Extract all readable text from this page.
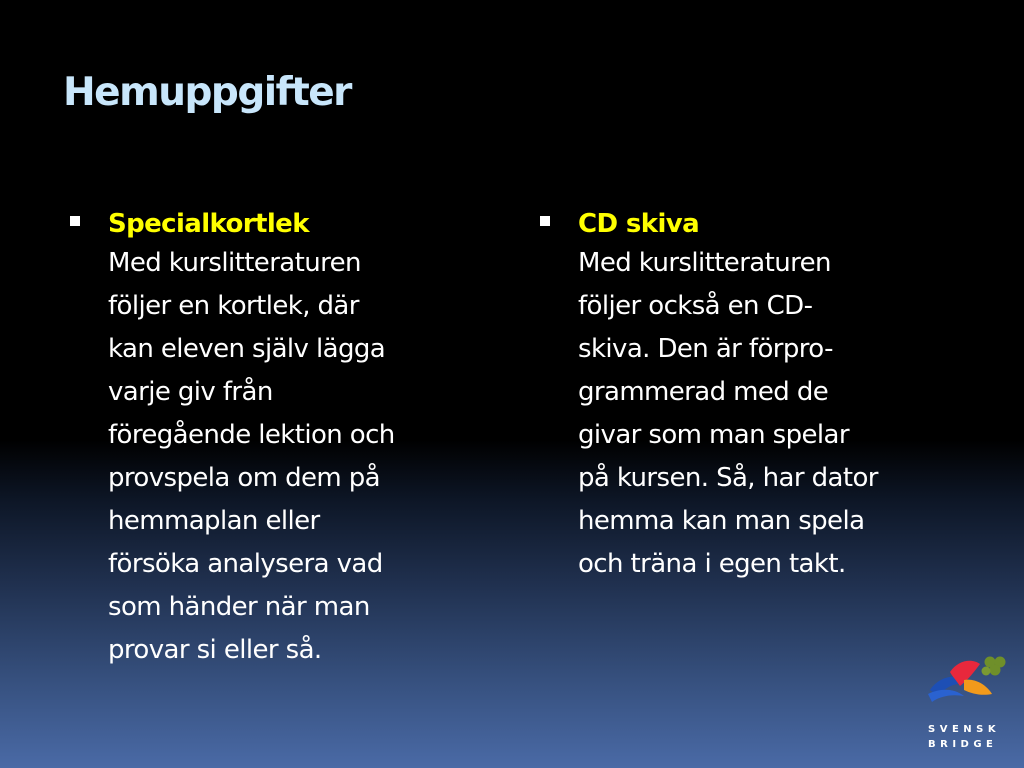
Hemuppgifter
Specialkortlek
Med kurslitteraturen
följer en kortlek, där
kan eleven själv lägga
varje giv från
föregående lektion och
provspela om dem på
hemmaplan eller
försöka analysera vad
som händer när man
provar si eller så.
CD skiva
Med kurslitteraturen
följer också en CD-
skiva. Den är förpro-
grammerad med de
givar som man spelar
på kursen. Så, har dator
hemma kan man spela
och träna i egen takt.
SVENSK
BRIDGE
